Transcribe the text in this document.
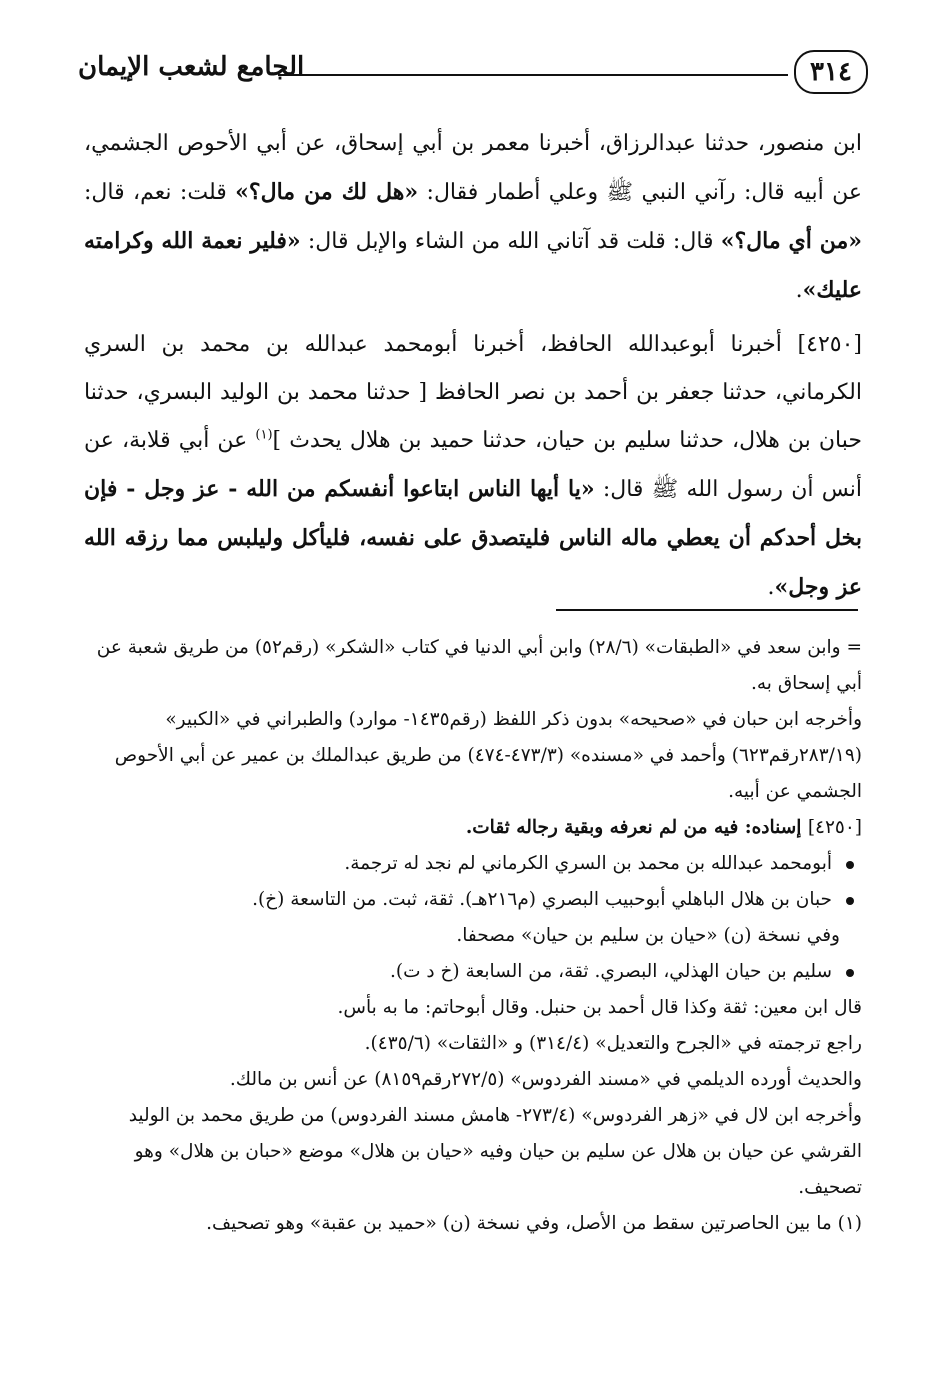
الجامع لشعب الإيمان	٣١٤

ابن منصور، حدثنا عبدالرزاق، أخبرنا معمر بن أبي إسحاق، عن أبي الأحوص الجشمي، عن أبيه قال: رآني النبي ﷺ وعلي أطمار فقال: «هل لك من مال؟» قلت: نعم، قال: «من أي مال؟» قال: قلت قد آتاني الله من الشاء والإبل قال: «فلير نعمة الله وكرامته عليك».

[٤٢٥٠] أخبرنا أبوعبدالله الحافظ، أخبرنا أبومحمد عبدالله بن محمد بن السري الكرماني، حدثنا جعفر بن أحمد بن نصر الحافظ [ حدثنا محمد بن الوليد البسري، حدثنا حبان بن هلال، حدثنا سليم بن حيان، حدثنا حميد بن هلال يحدث ]$^{(١)}$ عن أبي قلابة، عن أنس أن رسول الله ﷺ قال: «يا أيها الناس ابتاعوا أنفسكم من الله - عز وجل - فإن بخل أحدكم أن يعطي ماله الناس فليتصدق على نفسه، فليأكل وليلبس مما رزقه الله عز وجل».

= وابن سعد في «الطبقات» (٢٨/٦) وابن أبي الدنيا في كتاب «الشكر» (رقم٥٢) من طريق شعبة عن أبي إسحاق به.

وأخرجه ابن حبان في «صحيحه» بدون ذكر اللفظ (رقم١٤٣٥- موارد) والطبراني في «الكبير» (٢٨٣/١٩رقم٦٢٣) وأحمد في «مسنده» (٤٧٣/٣-٤٧٤) من طريق عبدالملك بن عمير عن أبي الأحوص الجشمي عن أبيه.

[٤٢٥٠] إسناده: فيه من لم نعرفه وبقية رجاله ثقات.

أبومحمد عبدالله بن محمد بن السري الكرماني لم نجد له ترجمة.

حبان بن هلال الباهلي أبوحبيب البصري (م٢١٦هـ). ثقة، ثبت. من التاسعة (خ).

وفي نسخة (ن) «حيان بن سليم بن حيان» مصحفا.

سليم بن حيان الهذلي، البصري. ثقة، من السابعة (خ د ت).

قال ابن معين: ثقة وكذا قال أحمد بن حنبل. وقال أبوحاتم: ما به بأس.

راجع ترجمته في «الجرح والتعديل» (٣١٤/٤) و «الثقات» (٤٣٥/٦).

والحديث أورده الديلمي في «مسند الفردوس» (٢٧٢/٥رقم٨١٥٩) عن أنس بن مالك.

وأخرجه ابن لال في «زهر الفردوس» (٢٧٣/٤- هامش مسند الفردوس) من طريق محمد بن الوليد القرشي عن حيان بن هلال عن سليم بن حيان وفيه «حيان بن هلال» موضع «حبان بن هلال» وهو تصحيف.

(١) ما بين الحاصرتين سقط من الأصل، وفي نسخة (ن) «حميد بن عقبة» وهو تصحيف.
